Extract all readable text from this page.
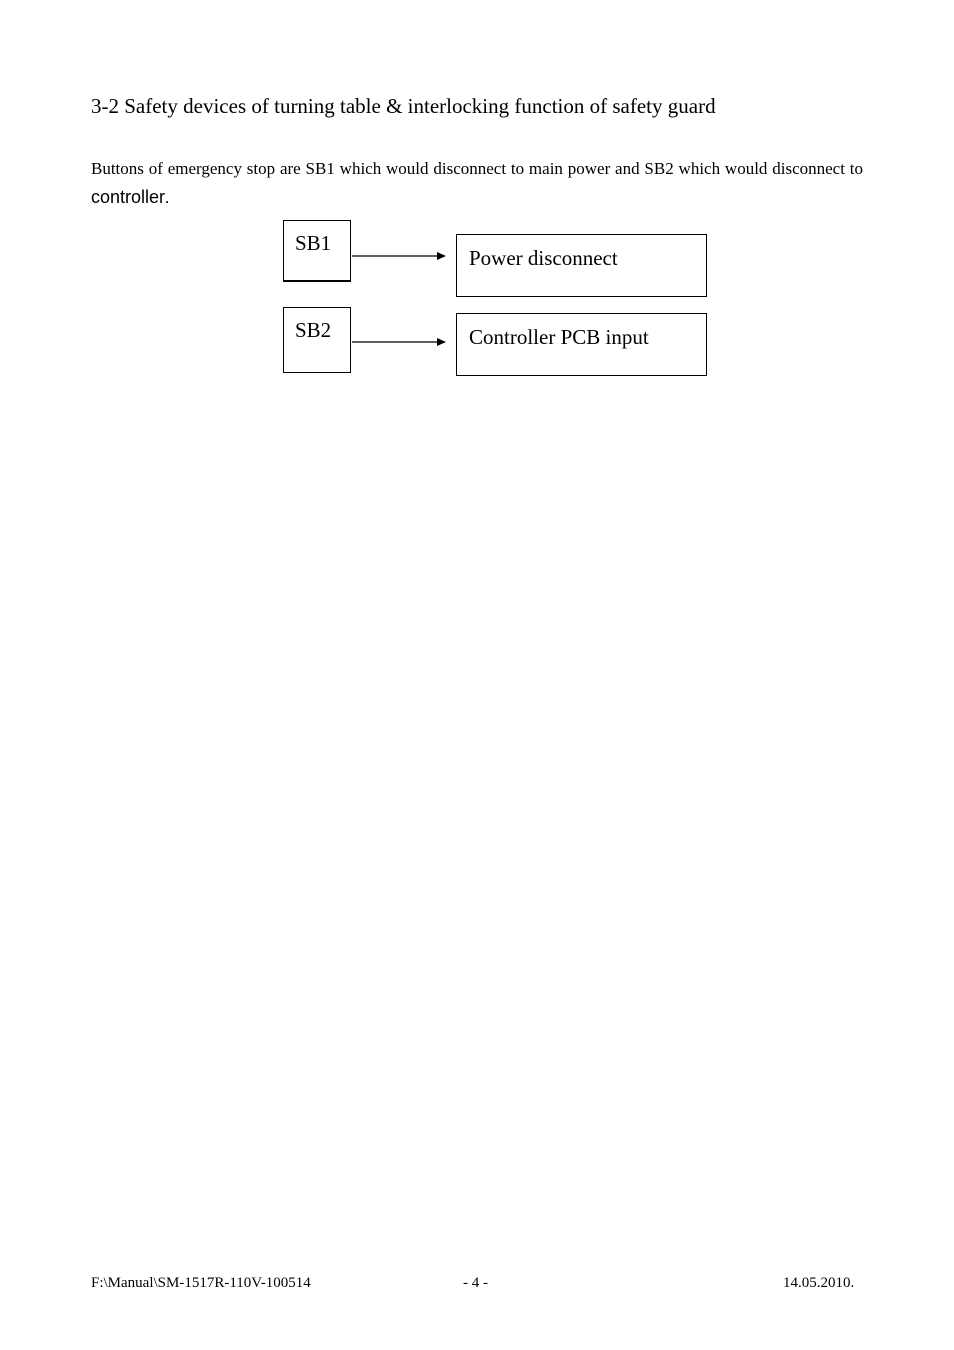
3-2 Safety devices of turning table & interlocking function of safety guard
Buttons of emergency stop are SB1 which would disconnect to main power and SB2 which would disconnect to controller.
SB1
SB2
Power disconnect
Controller PCB input
F:\Manual\SM-1517R-110V-100514	- 4 -	14.05.2010.
